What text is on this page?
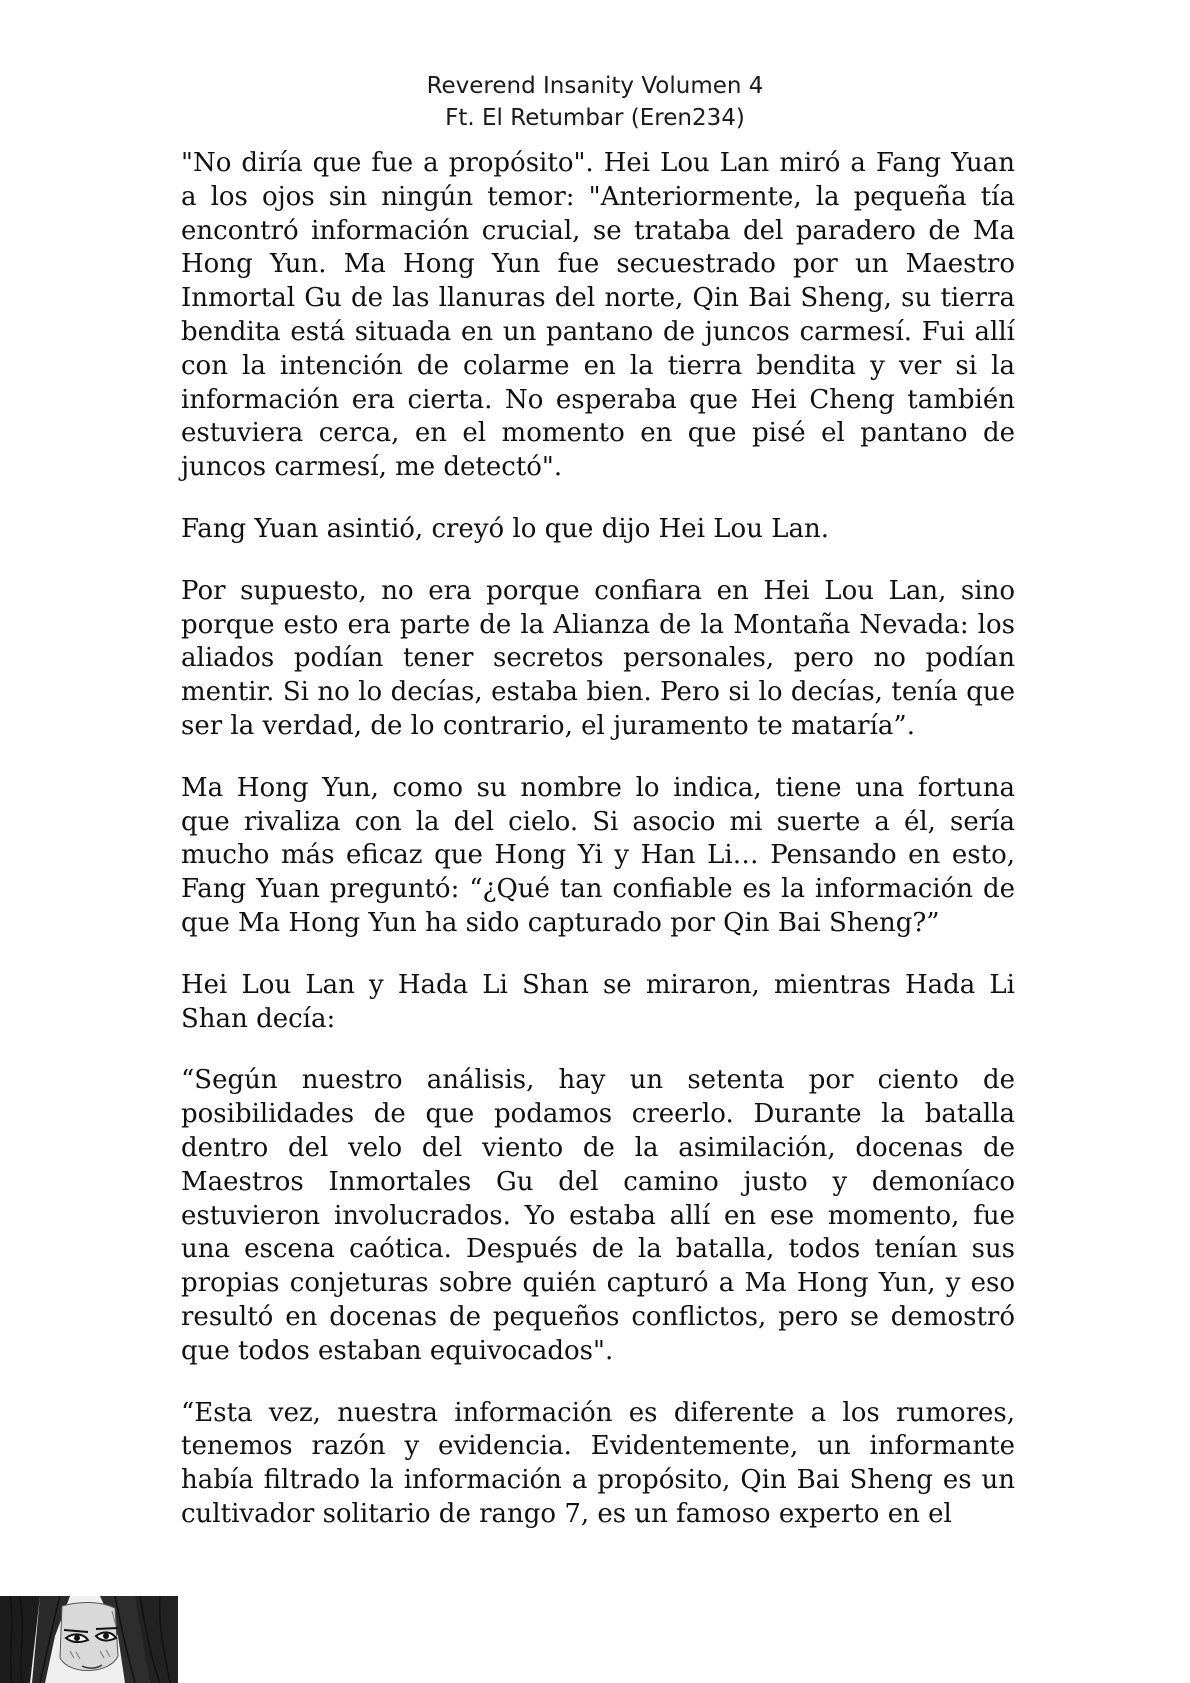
Reverend Insanity Volumen 4
Ft. El Retumbar (Eren234)

"No diría que fue a propósito". Hei Lou Lan miró a Fang Yuan a los ojos sin ningún temor: "Anteriormente, la pequeña tía encontró información crucial, se trataba del paradero de Ma Hong Yun. Ma Hong Yun fue secuestrado por un Maestro Inmortal Gu de las llanuras del norte, Qin Bai Sheng, su tierra bendita está situada en un pantano de juncos carmesí. Fui allí con la intención de colarme en la tierra bendita y ver si la información era cierta. No esperaba que Hei Cheng también estuviera cerca, en el momento en que pisé el pantano de juncos carmesí, me detectó".

Fang Yuan asintió, creyó lo que dijo Hei Lou Lan.

Por supuesto, no era porque confiara en Hei Lou Lan, sino porque esto era parte de la Alianza de la Montaña Nevada: los aliados podían tener secretos personales, pero no podían mentir. Si no lo decías, estaba bien. Pero si lo decías, tenía que ser la verdad, de lo contrario, el juramento te mataría”.

Ma Hong Yun, como su nombre lo indica, tiene una fortuna que rivaliza con la del cielo. Si asocio mi suerte a él, sería mucho más eficaz que Hong Yi y Han Li… Pensando en esto, Fang Yuan preguntó: “¿Qué tan confiable es la información de que Ma Hong Yun ha sido capturado por Qin Bai Sheng?”

Hei Lou Lan y Hada Li Shan se miraron, mientras Hada Li Shan decía:

“Según nuestro análisis, hay un setenta por ciento de posibilidades de que podamos creerlo. Durante la batalla dentro del velo del viento de la asimilación, docenas de Maestros Inmortales Gu del camino justo y demoníaco estuvieron involucrados. Yo estaba allí en ese momento, fue una escena caótica. Después de la batalla, todos tenían sus propias conjeturas sobre quién capturó a Ma Hong Yun, y eso resultó en docenas de pequeños conflictos, pero se demostró que todos estaban equivocados".

“Esta vez, nuestra información es diferente a los rumores, tenemos razón y evidencia. Evidentemente, un informante había filtrado la información a propósito, Qin Bai Sheng es un cultivador solitario de rango 7, es un famoso experto en el
